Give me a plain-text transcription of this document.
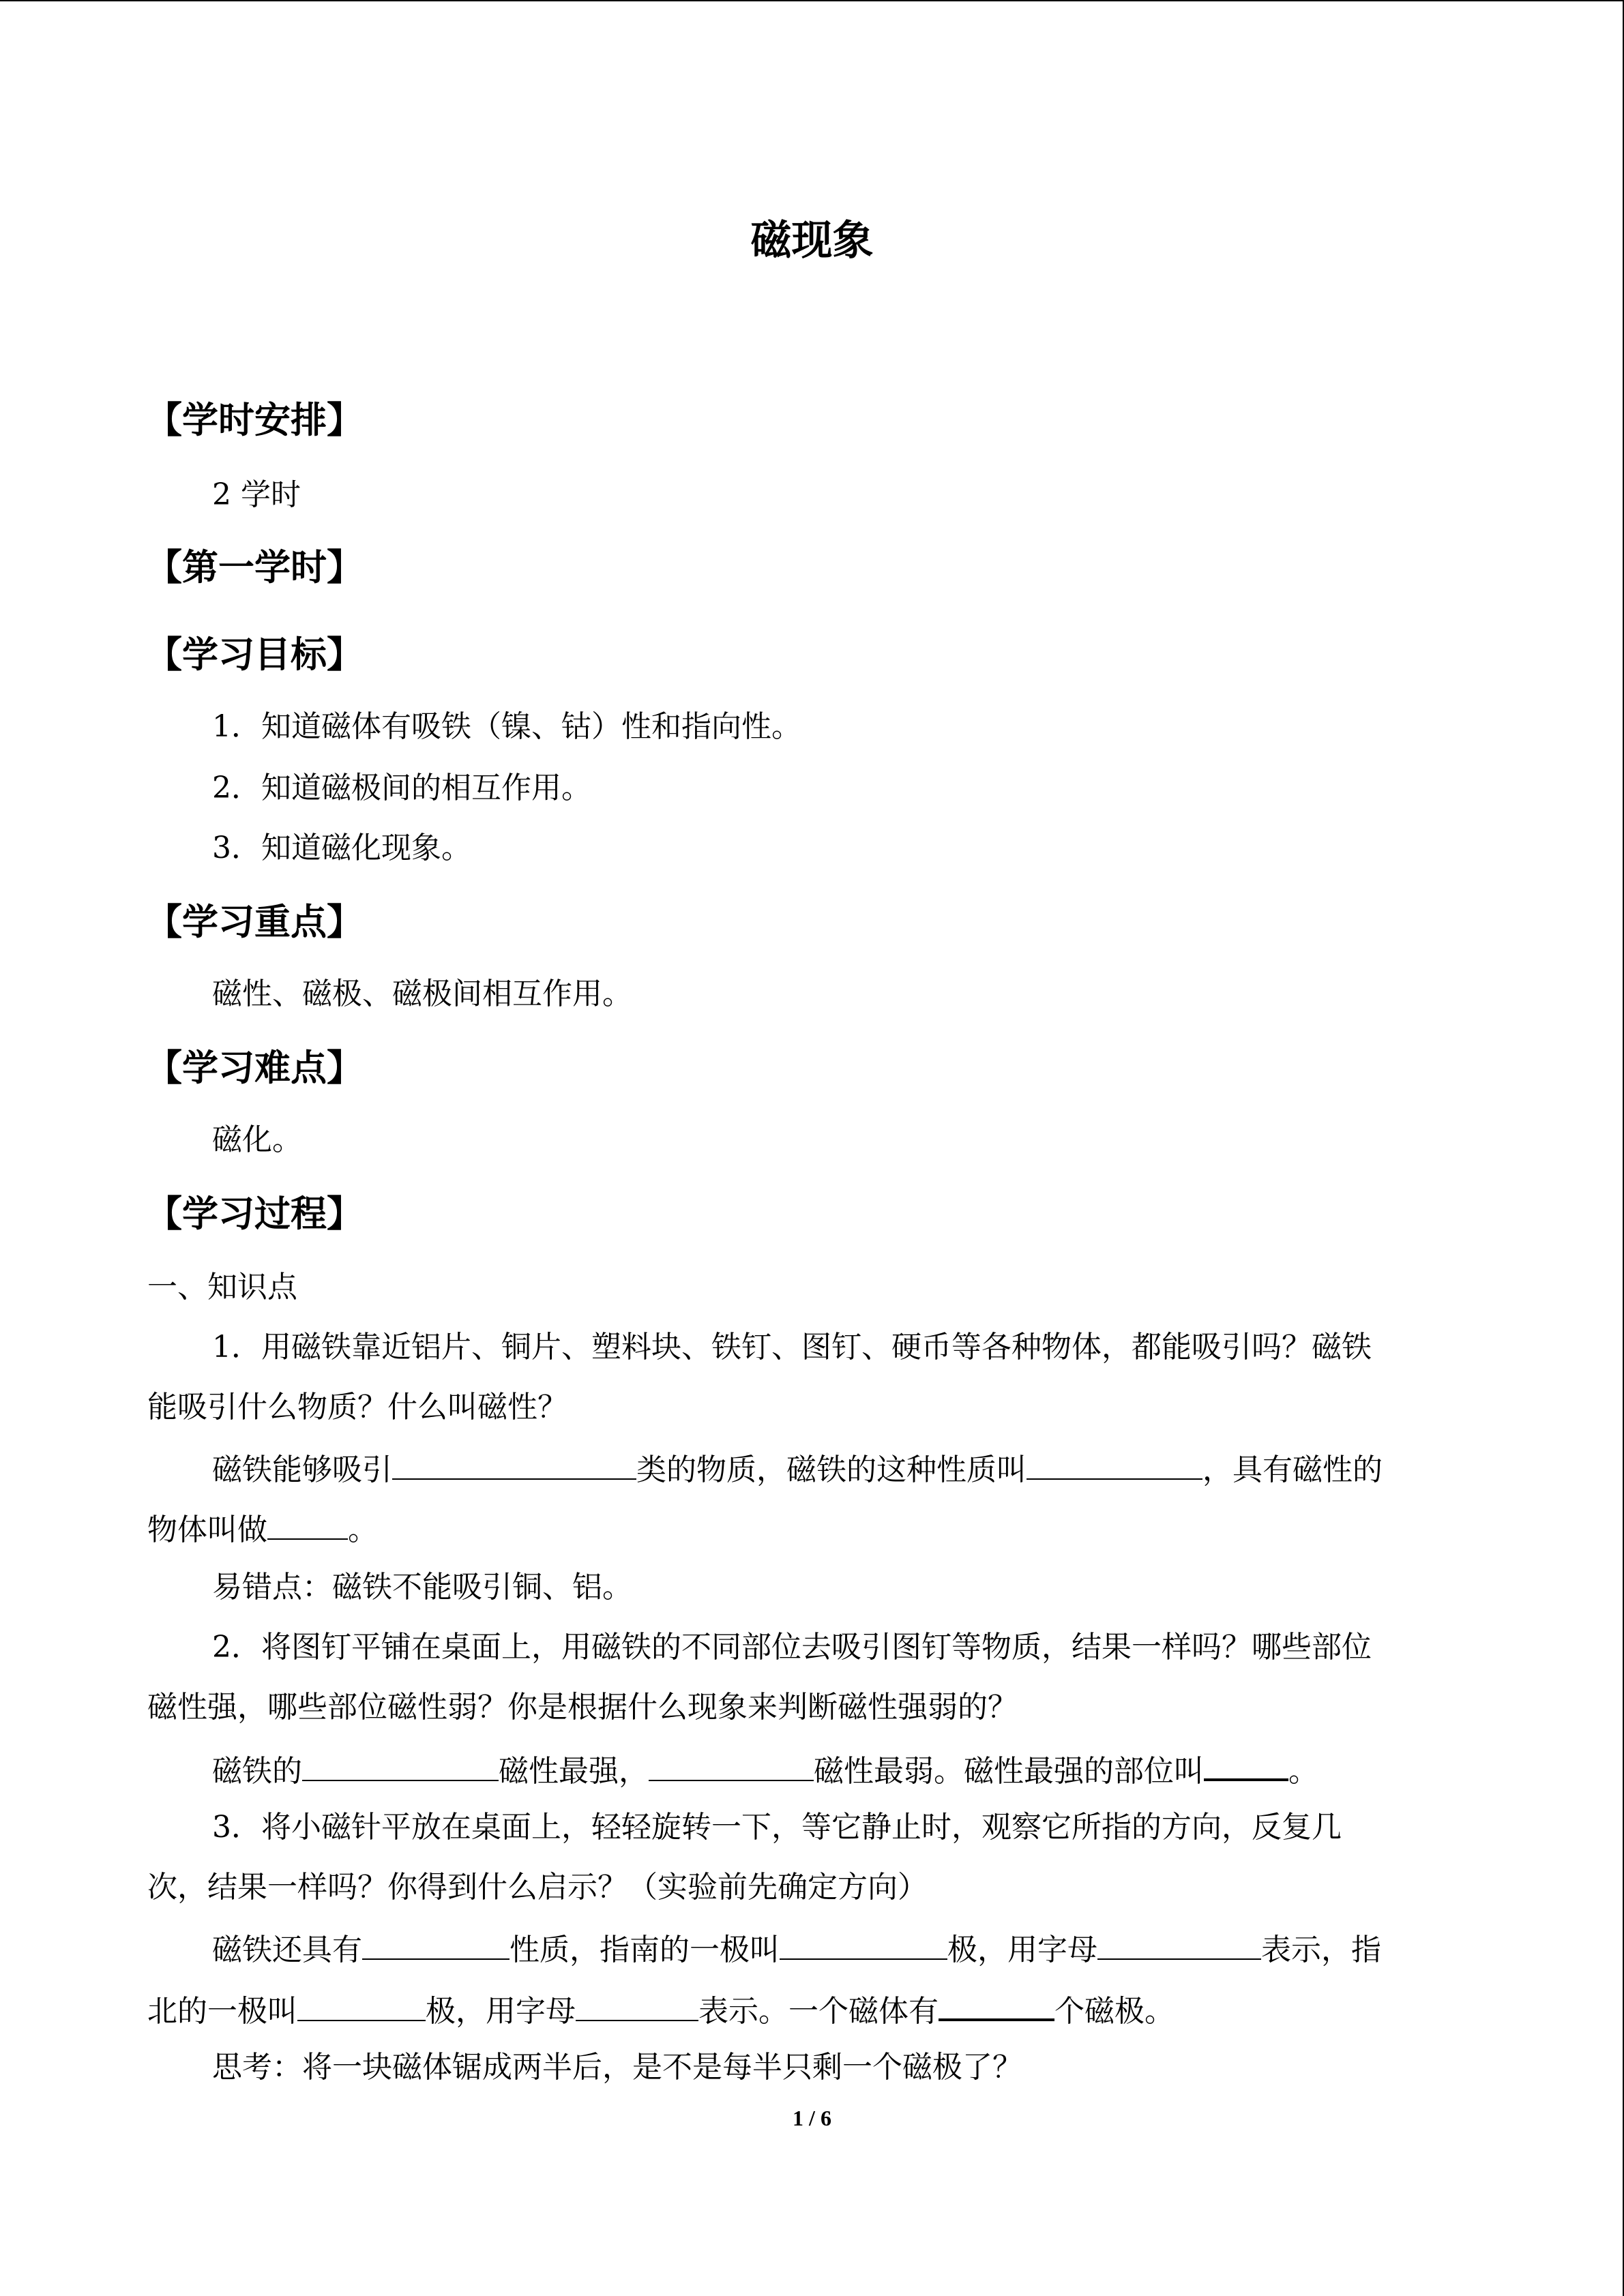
磁现象
【学时安排】
2 学时
【第一学时】
【学习目标】
1．知道磁体有吸铁（镍、钴）性和指向性。
2．知道磁极间的相互作用。
3．知道磁化现象。
【学习重点】
磁性、磁极、磁极间相互作用。
【学习难点】
磁化。
【学习过程】
一、知识点
1．用磁铁靠近铝片、铜片、塑料块、铁钉、图钉、硬币等各种物体，都能吸引吗？磁铁
能吸引什么物质？什么叫磁性？
磁铁能够吸引	类的物质，磁铁的这种性质叫	，具有磁性的
物体叫做	。
易错点：磁铁不能吸引铜、铝。
2．将图钉平铺在桌面上，用磁铁的不同部位去吸引图钉等物质，结果一样吗？哪些部位
磁性强，哪些部位磁性弱？你是根据什么现象来判断磁性强弱的？
磁铁的	磁性最强，	磁性最弱。磁性最强的部位叫	。
3．将小磁针平放在桌面上，轻轻旋转一下，等它静止时，观察它所指的方向，反复几
次，结果一样吗？你得到什么启示？（实验前先确定方向）
磁铁还具有	性质，指南的一极叫	极，用字母	表示，指
北的一极叫	极，用字母	表示。一个磁体有	个磁极。
思考：将一块磁体锯成两半后，是不是每半只剩一个磁极了？
1 / 6
